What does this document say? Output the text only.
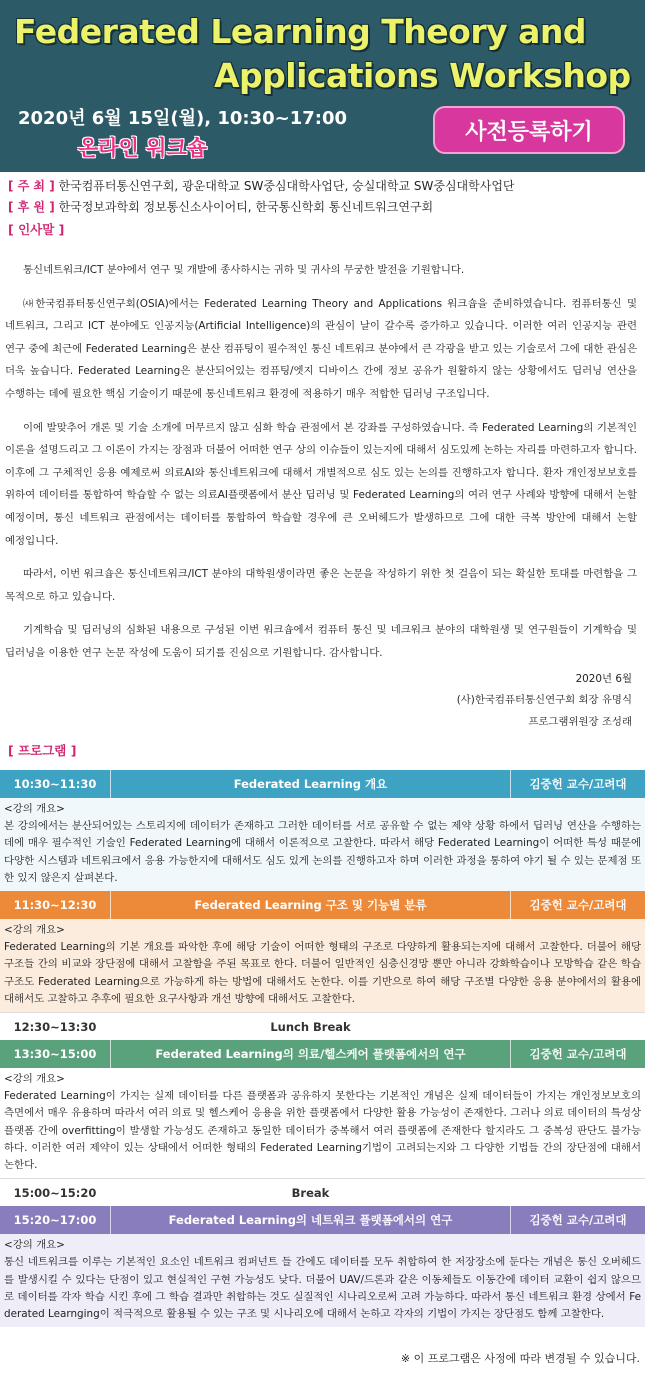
Federated Learning Theory and
Applications Workshop
2020년 6월 15일(월), 10:30~17:00
온라인 워크숍
사전등록하기
[ 주 최 ] 한국컴퓨터통신연구회, 광운대학교 SW중심대학사업단, 숭실대학교 SW중심대학사업단
[ 후 원 ] 한국정보과학회 정보통신소사이어티, 한국통신학회 통신네트워크연구회
[ 인사말 ]

통신네트워크/ICT 분야에서 연구 및 개발에 종사하시는 귀하 및 귀사의 무궁한 발전을 기원합니다.

㈔한국컴퓨터통신연구회(OSIA)에서는 Federated Learning Theory and Applications 워크숍을 준비하였습니다. 컴퓨터통신 및 네트워크, 그리고 ICT 분야에도 인공지능(Artificial Intelligence)의 관심이 날이 갈수록 증가하고 있습니다. 이러한 여러 인공지능 관련 연구 중에 최근에 Federated Learning은 분산 컴퓨팅이 필수적인 통신 네트워크 분야에서 큰 각광을 받고 있는 기술로서 그에 대한 관심은 더욱 높습니다. Federated Learning은 분산되어있는 컴퓨팅/엣지 디바이스 간에 정보 공유가 원활하지 않는 상황에서도 딥러닝 연산을 수행하는 데에 필요한 핵심 기술이기 때문에 통신네트워크 환경에 적용하기 매우 적합한 딥러닝 구조입니다.

이에 발맞추어 개론 및 기술 소개에 머무르지 않고 심화 학습 관점에서 본 강좌를 구성하였습니다. 즉 Federated Learning의 기본적인 이론을 설명드리고 그 이론이 가지는 장점과 더불어 어떠한 연구 상의 이슈들이 있는지에 대해서 심도있께 논하는 자리를 마련하고자 합니다. 이후에 그 구체적인 응용 예제로써 의료AI와 통신네트워크에 대해서 개별적으로 심도 있는 논의를 진행하고자 합니다. 환자 개인정보보호를 위하여 데이터를 통합하여 학습할 수 없는 의료AI플랫폼에서 분산 딥러닝 및 Federated Learning의 여러 연구 사례와 방향에 대해서 논할 예정이며, 통신 네트워크 관점에서는 데이터를 통합하여 학습할 경우에 큰 오버헤드가 발생하므로 그에 대한 극복 방안에 대해서 논할 예정입니다.

따라서, 이번 워크숍은 통신네트워크/ICT 분야의 대학원생이라면 좋은 논문을 작성하기 위한 첫 걸음이 되는 확실한 토대를 마련함을 그 목적으로 하고 있습니다.

기계학습 및 딥러닝의 심화된 내용으로 구성된 이번 워크숍에서 컴퓨터 통신 및 네크워크 분야의 대학원생 및 연구원들이 기계학습 및 딥러닝을 이용한 연구 논문 작성에 도움이 되기를 진심으로 기원합니다. 감사합니다.

2020년 6월
(사)한국컴퓨터통신연구회 회장 유명식
프로그램위원장 조성래
[ 프로그램 ]
10:30~11:30	Federated Learning 개요	김중헌 교수/고려대
<강의 개요>
본 강의에서는 분산되어있는 스토리지에 데이터가 존재하고 그러한 데이터를 서로 공유할 수 없는 제약 상황 하에서 딥러닝 연산을 수행하는 데에 매우 필수적인 기술인 Federated Learning에 대해서 이론적으로 고찰한다. 따라서 해당 Federated Learning이 어떠한 특성 때문에 다양한 시스템과 네트워크에서 응용 가능한지에 대해서도 심도 있게 논의를 진행하고자 하며 이러한 과정을 통하여 야기 될 수 있는 문제점 또한 있지 않은지 살펴본다.
11:30~12:30	Federated Learning 구조 및 기능별 분류	김중헌 교수/고려대
<강의 개요>
Federated Learning의 기본 개요를 파악한 후에 해당 기술이 어떠한 형태의 구조로 다양하게 활용되는지에 대해서 고찰한다. 더불어 해당 구조들 간의 비교와 장단점에 대해서 고찰함을 주된 목표로 한다. 더불어 일반적인 심층신경망 뿐만 아니라 강화학습이나 모방학습 같은 학습구조도 Federated Learning으로 가능하게 하는 방법에 대해서도 논한다. 이를 기반으로 하여 해당 구조별 다양한 응용 분야에서의 활용에 대해서도 고찰하고 추후에 필요한 요구사항과 개선 방향에 대해서도 고찰한다.
12:30~13:30	Lunch Break
13:30~15:00	Federated Learning의 의료/헬스케어 플랫폼에서의 연구	김중헌 교수/고려대
<강의 개요>
Federated Learning이 가지는 실제 데이터를 다른 플랫폼과 공유하지 못한다는 기본적인 개념은 실제 데이터들이 가지는 개인정보보호의 측면에서 매우 유용하며 따라서 여러 의료 및 헬스케어 응용을 위한 플랫폼에서 다양한 활용 가능성이 존재한다. 그러나 의료 데이터의 특성상 플랫폼 간에 overfitting이 발생할 가능성도 존재하고 동일한 데이터가 중복해서 여러 플랫폼에 존재한다 할지라도 그 중복성 판단도 불가능하다. 이러한 여러 제약이 있는 상태에서 어떠한 형태의 Federated Learning기법이 고려되는지와 그 다양한 기법들 간의 장단점에 대해서 논한다.
15:00~15:20	Break
15:20~17:00	Federated Learning의 네트워크 플랫폼에서의 연구	김중헌 교수/고려대
<강의 개요>
통신 네트워크를 이루는 기본적인 요소인 네트워크 컴퍼넌트 들 간에도 데이터를 모두 취합하여 한 저장장소에 둔다는 개념은 통신 오버헤드를 발생시킬 수 있다는 단점이 있고 현실적인 구현 가능성도 낮다. 더불어 UAV/드론과 같은 이동체들도 이동간에 데이터 교환이 쉽지 않으므로 데이터를 각자 학습 시킨 후에 그 학습 결과만 취합하는 것도 실질적인 시나리오로써 고려 가능하다. 따라서 통신 네트워크 환경 상에서 Federated Learnging이 적극적으로 활용될 수 있는 구조 및 시나리오에 대해서 논하고 각자의 기법이 가지는 장단점도 함께 고찰한다.
※ 이 프로그램은 사정에 따라 변경될 수 있습니다.
